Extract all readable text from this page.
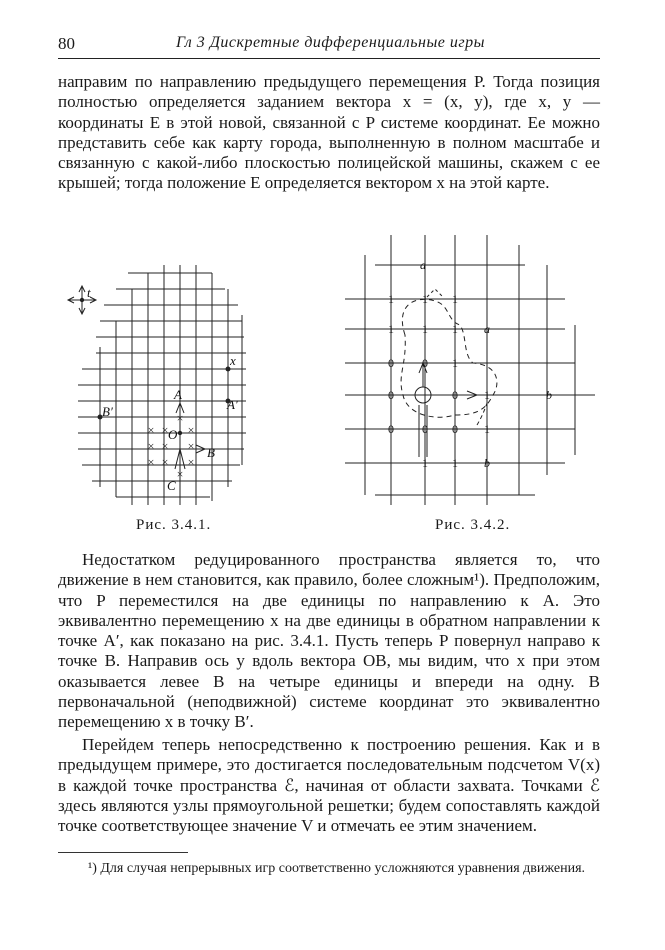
80	Гл 3 Дискретные дифференциальные игры
направим по направлению предыдущего перемещения P. Тогда позиция полностью определяется заданием вектора x = (x, y), где x, y — координаты E в этой новой, связанной с P системе координат. Ее можно представить себе как карту города, выполненную в полном масштабе и связанную с какой-либо плоскостью полицейской машины, скажем с ее крышей; тогда положение E определяется вектором x на этой карте.
× × ×
× × ×
× × ×
×
×
t
x
A
A′
B′
O
B
C
a
a
b
b
1 1 1
1 1 1
0 0 1
0	0 1
0 0 0 1
1 1
Рис. 3.4.1.	Рис. 3.4.2.
Недостатком редуцированного пространства является то, что движение в нем становится, как правило, более сложным¹). Предположим, что P переместился на две единицы по направлению к A. Это эквивалентно перемещению x на две единицы в обратном направлении к точке A′, как показано на рис. 3.4.1. Пусть теперь P повернул направо к точке B. Направив ось y вдоль вектора OB, мы видим, что x при этом оказывается левее B на четыре единицы и впереди на одну. В первоначальной (неподвижной) системе координат это эквивалентно перемещению x в точку B′.
Перейдем теперь непосредственно к построению решения. Как и в предыдущем примере, это достигается последовательным подсчетом V(x) в каждой точке пространства ℰ, начиная от области захвата. Точками ℰ здесь являются узлы прямоугольной решетки; будем сопоставлять каждой точке соответствующее значение V и отмечать ее этим значением.
¹) Для случая непрерывных игр соответственно усложняются уравнения движения.
